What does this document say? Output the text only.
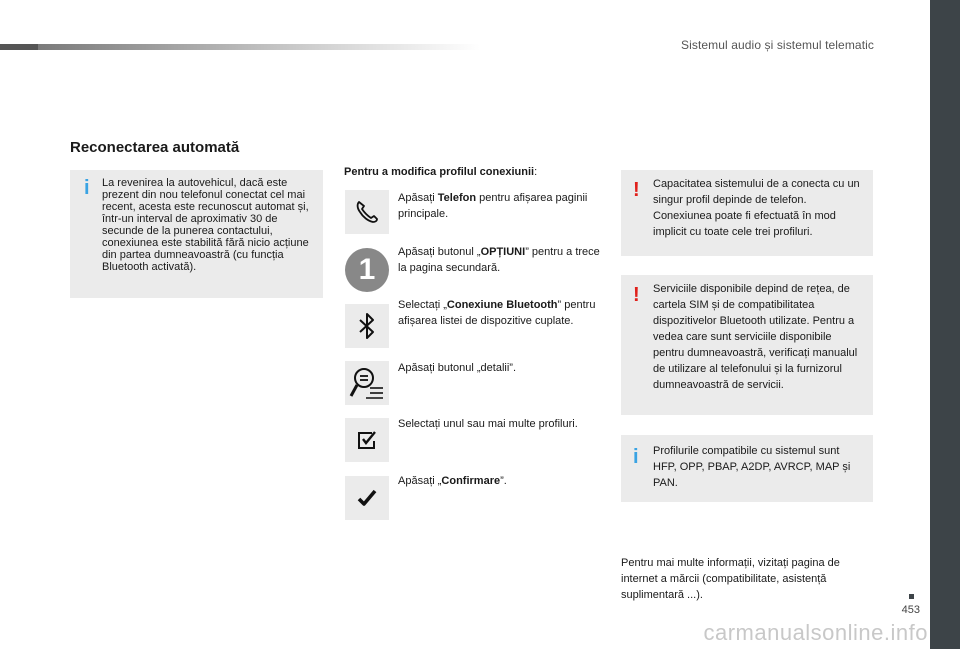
Sistemul audio și sistemul telematic
453
Reconectarea automată
i La revenirea la autovehicul, dacă este prezent din nou telefonul conectat cel mai recent, acesta este recunoscut automat și, într-un interval de aproximativ 30 de secunde de la punerea contactului, conexiunea este stabilită fără nicio acțiune din partea dumneavoastră (cu funcția Bluetooth activată).
Pentru a modifica profilul conexiunii:
Apăsați Telefon pentru afișarea paginii principale.
1
Apăsați butonul „OPȚIUNI” pentru a trece la pagina secundară.
Selectați „Conexiune Bluetooth” pentru afișarea listei de dispozitive cuplate.
Apăsați butonul „detalii”.
Selectați unul sau mai multe profiluri.
Apăsați „Confirmare”.
! Capacitatea sistemului de a conecta cu un singur profil depinde de telefon. Conexiunea poate fi efectuată în mod implicit cu toate cele trei profiluri.
! Serviciile disponibile depind de rețea, de cartela SIM și de compatibilitatea dispozitivelor Bluetooth utilizate. Pentru a vedea care sunt serviciile disponibile pentru dumneavoastră, verificați manualul de utilizare al telefonului și la furnizorul dumneavoastră de servicii.
i Profilurile compatibile cu sistemul sunt HFP, OPP, PBAP, A2DP, AVRCP, MAP și PAN.
Pentru mai multe informații, vizitați pagina de internet a mărcii (compatibilitate, asistență suplimentară ...).
carmanualsonline.info
